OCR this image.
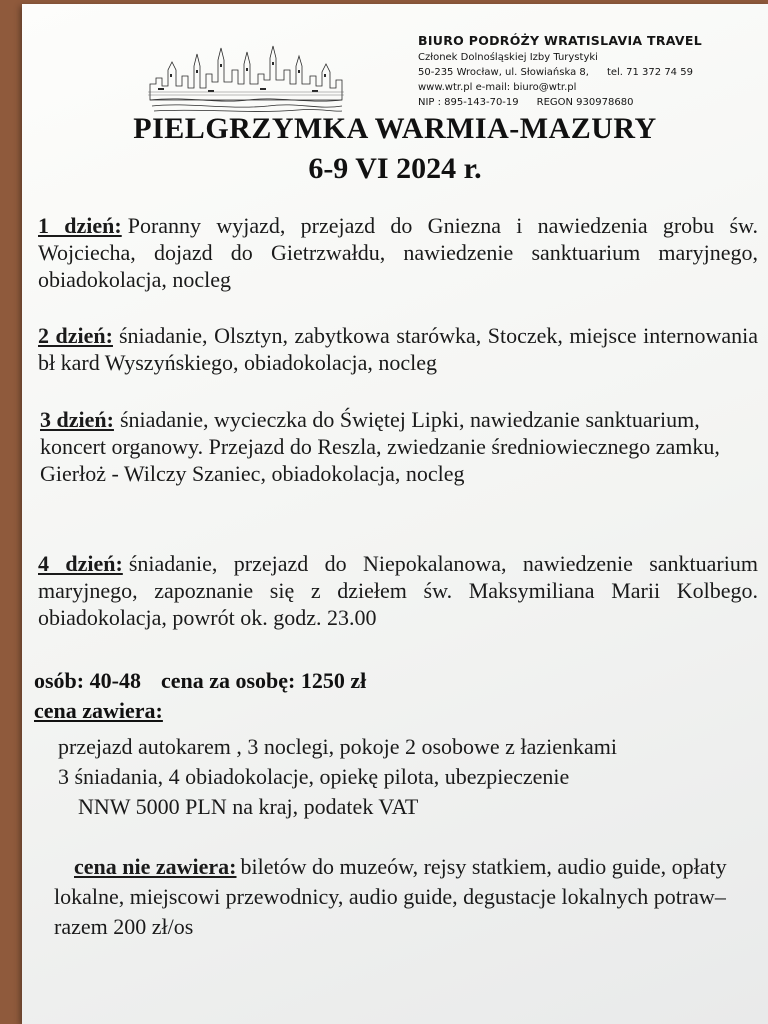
BIURO PODRÓŻY WRATISLAVIA TRAVEL
Członek Dolnośląskiej Izby Turystyki
50-235 Wrocław, ul. Słowiańska 8, tel. 71 372 74 59
www.wtr.pl e-mail: biuro@wtr.pl
NIP : 895-143-70-19 REGON 930978680
PIELGRZYMKA WARMIA-MAZURY
6-9 VI 2024 r.

1 dzień: Poranny wyjazd, przejazd do Gniezna i nawiedzenia grobu św. Wojciecha, dojazd do Gietrzwałdu, nawiedzenie sanktuarium maryjnego, obiadokolacja, nocleg

2 dzień: śniadanie, Olsztyn, zabytkowa starówka, Stoczek, miejsce internowania bł kard Wyszyńskiego, obiadokolacja, nocleg

3 dzień: śniadanie, wycieczka do Świętej Lipki, nawiedzanie sanktuarium, koncert organowy. Przejazd do Reszla, zwiedzanie średniowiecznego zamku, Gierłoż - Wilczy Szaniec, obiadokolacja, nocleg

4 dzień: śniadanie, przejazd do Niepokalanowa, nawiedzenie sanktuarium maryjnego, zapoznanie się z dziełem św. Maksymiliana Marii Kolbego. obiadokolacja, powrót ok. godz. 23.00

osób: 40-48 cena za osobę: 1250 zł
cena zawiera:
przejazd autokarem , 3 noclegi, pokoje 2 osobowe z łazienkami
3 śniadania, 4 obiadokolacje, opiekę pilota, ubezpieczenie
NNW 5000 PLN na kraj, podatek VAT

cena nie zawiera: biletów do muzeów, rejsy statkiem, audio guide, opłaty lokalne, miejscowi przewodnicy, audio guide, degustacje lokalnych potraw– razem 200 zł/os
